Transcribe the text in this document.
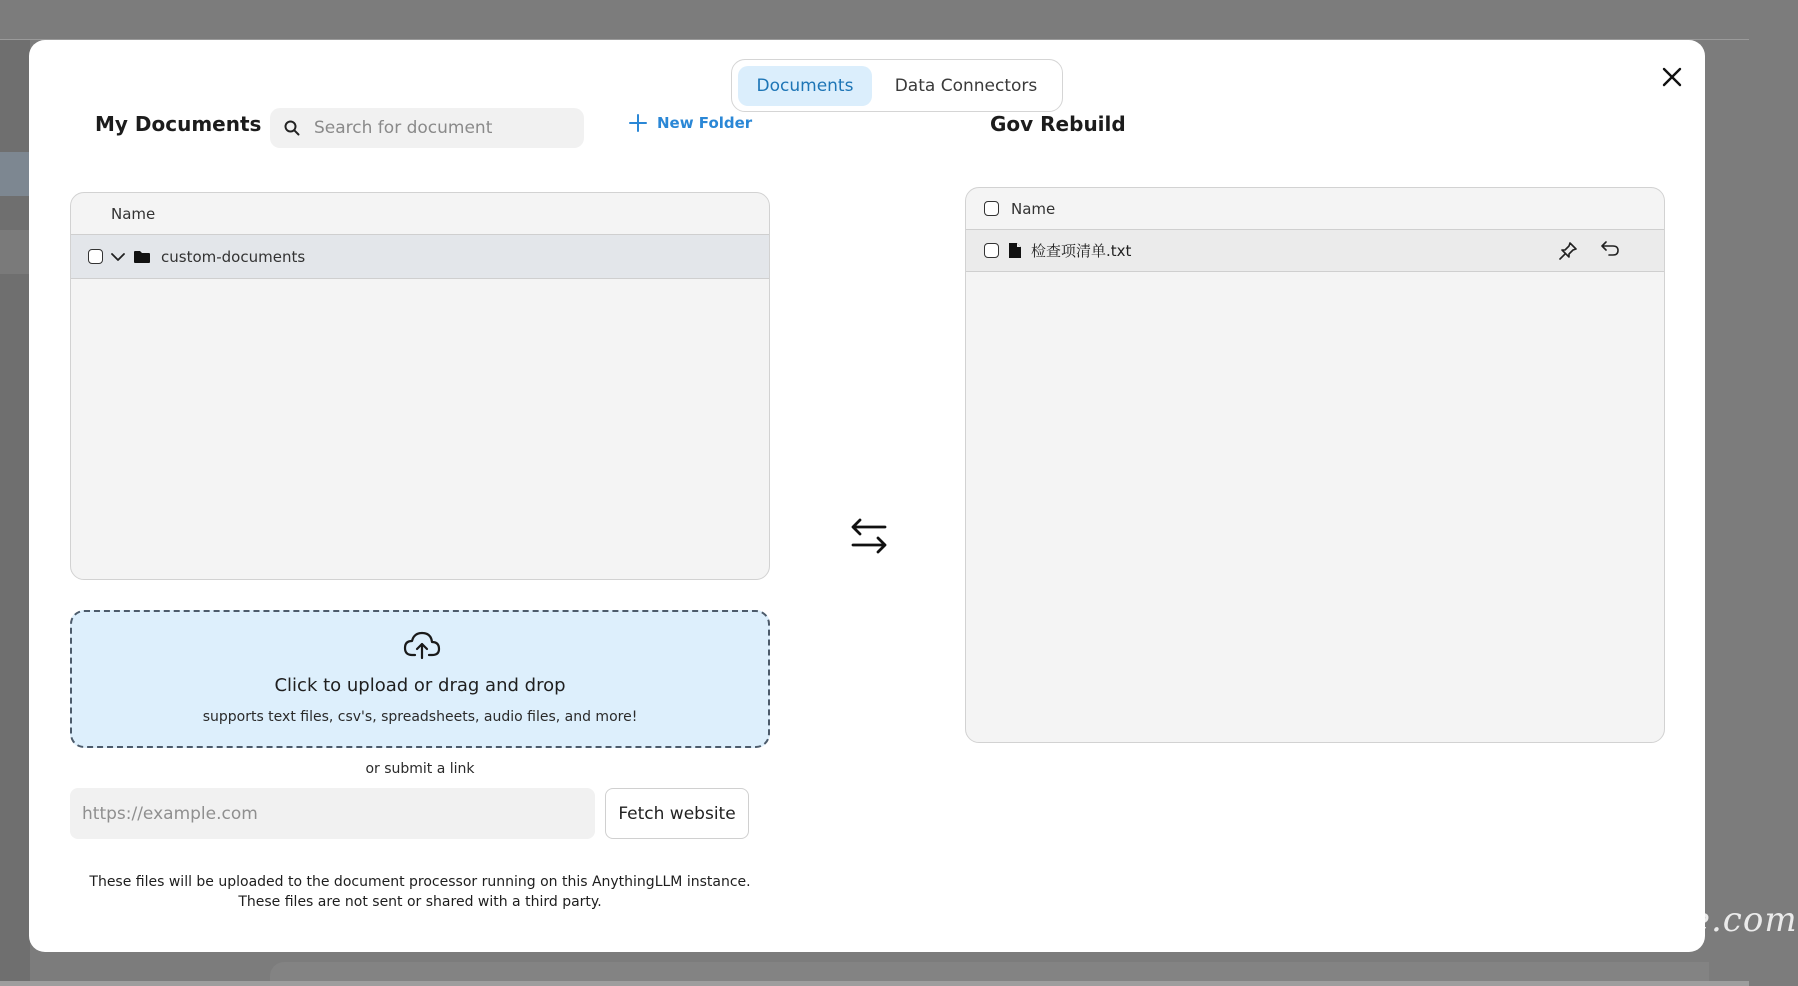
Documents	Data Connectors
My Documents
Search for document	New Folder
Name
custom-documents
Click to upload or drag and drop
supports text files, csv's, spreadsheets, audio files, and more!
or submit a link
https://example.com
Fetch website
These files will be uploaded to the document processor running on this AnythingLLM instance.
These files are not sent or shared with a third party.
Gov Rebuild
Name
检查项清单.txt
testerhome.com
